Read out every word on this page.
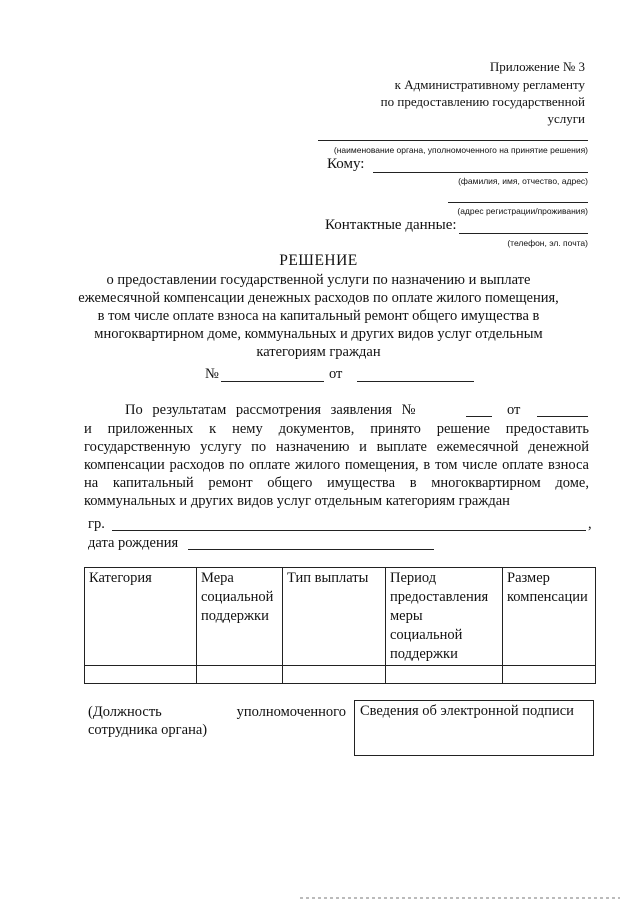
Приложение № 3
к Административному регламенту
по предоставлению государственной
услуги
(наименование органа, уполномоченного на принятие решения)
Кому:
(фамилия, имя, отчество, адрес)
(адрес регистрации/проживания)
Контактные данные:
(телефон, эл. почта)
РЕШЕНИЕ
о предоставлении государственной услуги по назначению и выплате
ежемесячной компенсации денежных расходов по оплате жилого помещения,
в том числе оплате взноса на капитальный ремонт общего имущества в
многоквартирном доме, коммунальных и других видов услуг отдельным
категориям граждан
№	от
По результатам рассмотрения заявления №	от
и приложенных к нему документов, принято решение предоставить государственную услугу по назначению и выплате ежемесячной денежной компенсации расходов по оплате жилого помещения, в том числе оплате взноса на капитальный ремонт общего имущества в многоквартирном доме, коммунальных и других видов услуг отдельным категориям граждан
гр.	,
дата рождения
Категория	Мера социальной поддержки	Тип выплаты	Период предоставления меры социальной поддержки	Размер компенсации

(Должность уполномоченного
сотрудника органа)
Сведения об электронной подписи
